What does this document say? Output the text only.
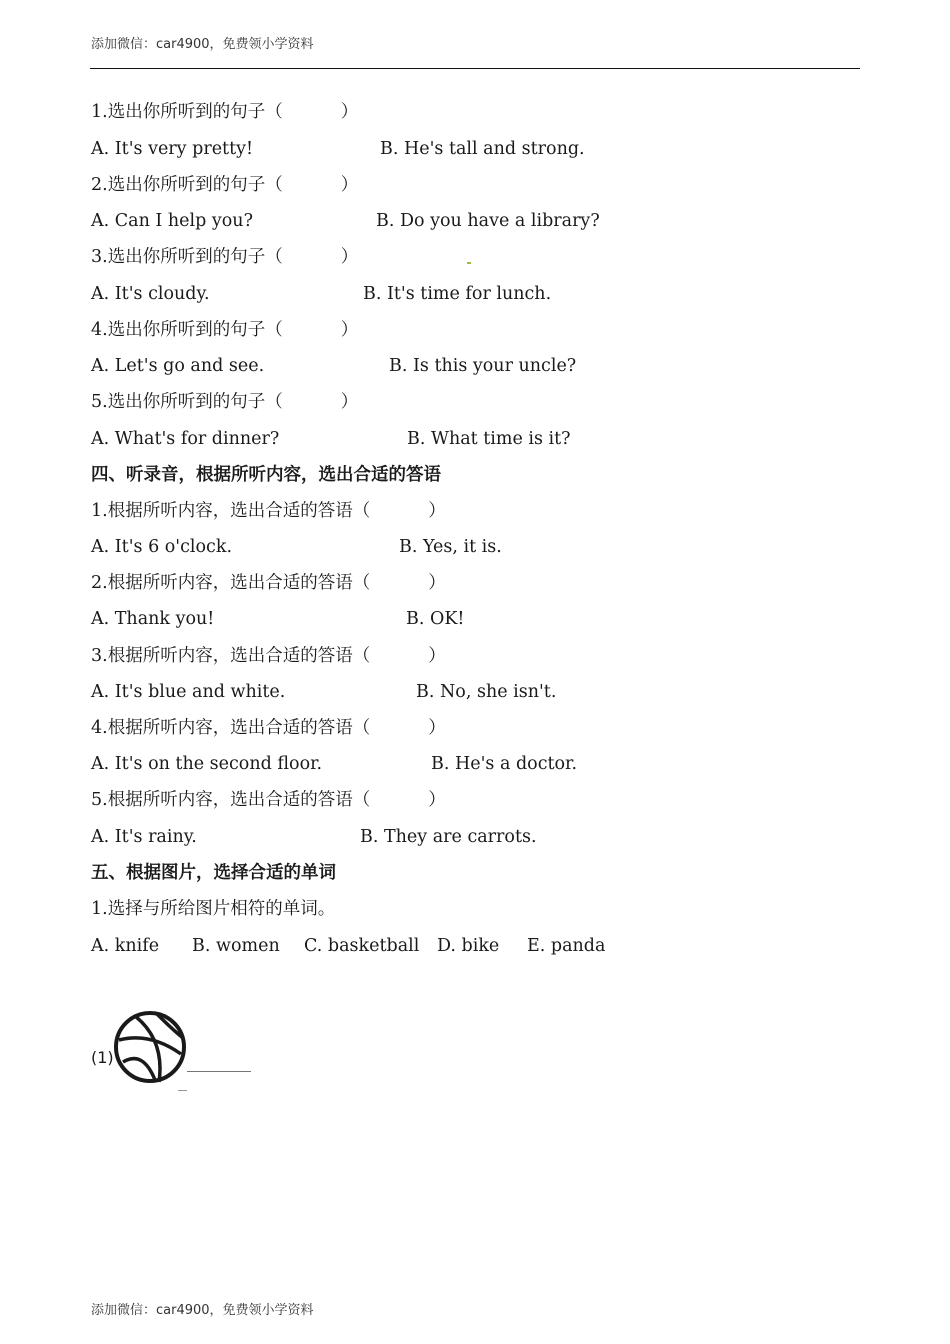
添加微信：car4900，免费领小学资料
1.选出你所听到的句子（	）
A. It's very pretty!	B. He's tall and strong.
2.选出你所听到的句子（	）
A. Can I help you?	B. Do you have a library?
3.选出你所听到的句子（	）
A. It's cloudy.	B. It's time for lunch.
4.选出你所听到的句子（	）
A. Let's go and see.	B. Is this your uncle?
5.选出你所听到的句子（	）
A. What's for dinner?	B. What time is it?
四、听录音，根据所听内容，选出合适的答语
1.根据所听内容，选出合适的答语（	）
A. It's 6 o'clock.	B. Yes, it is.
2.根据所听内容，选出合适的答语（	）
A. Thank you!	B. OK!
3.根据所听内容，选出合适的答语（	）
A. It's blue and white.	B. No, she isn't.
4.根据所听内容，选出合适的答语（	）
A. It's on the second floor.	B. He's a doctor.
5.根据所听内容，选出合适的答语（	）
A. It's rainy.	B. They are carrots.
五、根据图片，选择合适的单词
1.选择与所给图片相符的单词。
A. knife B. women C. basketball D. bike E. panda
(1)	________
添加微信：car4900，免费领小学资料
